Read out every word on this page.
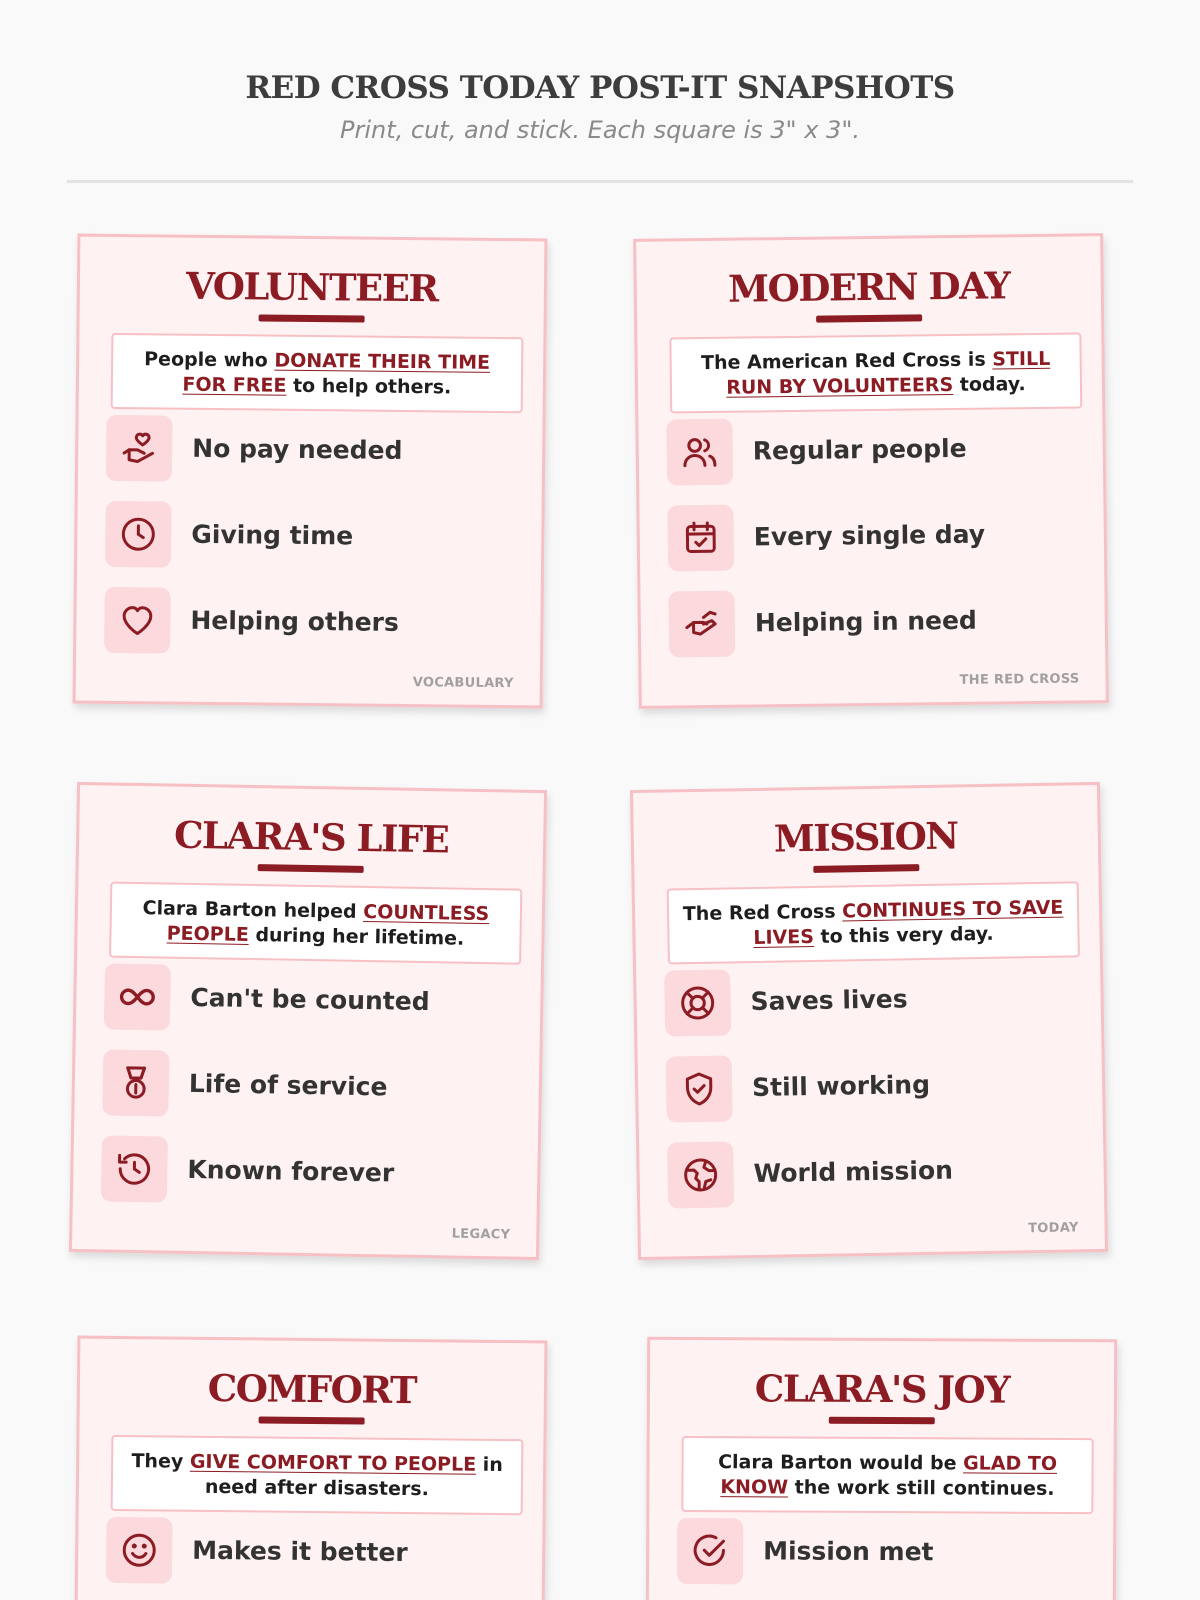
RED CROSS TODAY POST-IT SNAPSHOTS
Print, cut, and stick. Each square is 3" x 3".
VOLUNTEER
People who DONATE THEIR TIME FOR FREE to help others.
No pay needed
Giving time
Helping others
VOCABULARY
MODERN DAY
The American Red Cross is STILL RUN BY VOLUNTEERS today.
Regular people
Every single day
Helping in need
THE RED CROSS
CLARA'S LIFE
Clara Barton helped COUNTLESS PEOPLE during her lifetime.
Can't be counted
Life of service
Known forever
LEGACY
MISSION
The Red Cross CONTINUES TO SAVE LIVES to this very day.
Saves lives
Still working
World mission
TODAY
COMFORT
They GIVE COMFORT TO PEOPLE in need after disasters.
Makes it better
CLARA'S JOY
Clara Barton would be GLAD TO KNOW the work still continues.
Mission met
